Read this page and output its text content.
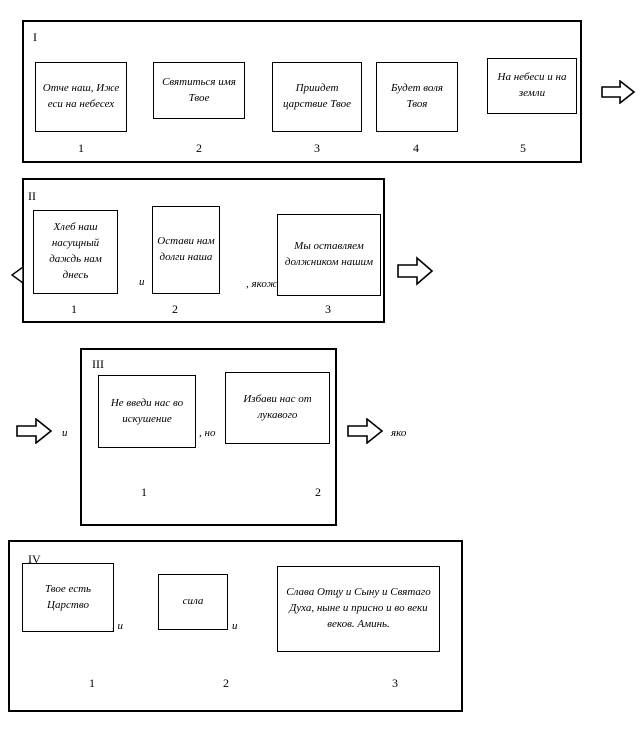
I
Отче наш, Иже еси на небесех
1
Святиться имя Твое
2
Приидет царствие Твое
3
Будет воля Твоя
4
На небеси и на земли
5
II
Хлеб наш насущный даждь нам днесь
1
Остави нам долги наша
2
Мы оставляем должником нашим
3
и	, якож
III
Не введи нас во искушение
1
Избави нас от лукавого
2
и	, но	яко
IV
Твое есть Царство
1
сила
2
Слава Отцу и Сыну и Святаго Духа, ныне и присно и во веки веков. Аминь.
3
, и	и
